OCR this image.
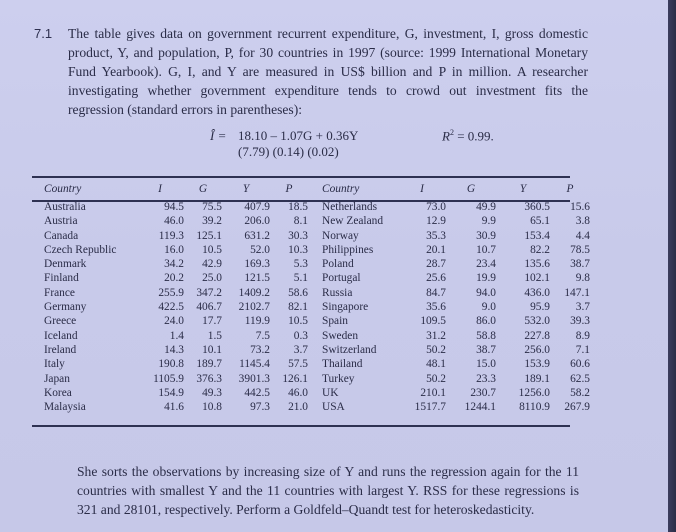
7.1 The table gives data on government recurrent expenditure, G, investment, I, gross domestic product, Y, and population, P, for 30 countries in 1997 (source: 1999 International Monetary Fund Yearbook). G, I, and Y are measured in US$ billion and P in million. A researcher investigating whether government expenditure tends to crowd out investment fits the regression (standard errors in parentheses):
Î = 18.10 – 1.07G + 0.36Y
(7.79) (0.14) (0.02)
$R^2 = 0.99$.
Country	I	G	Y	P
Australia	94.5	75.5	407.9	18.5
Austria	46.0	39.2	206.0	8.1
Canada	119.3	125.1	631.2	30.3
Czech Republic	16.0	10.5	52.0	10.3
Denmark	34.2	42.9	169.3	5.3
Finland	20.2	25.0	121.5	5.1
France	255.9	347.2	1409.2	58.6
Germany	422.5	406.7	2102.7	82.1
Greece	24.0	17.7	119.9	10.5
Iceland	1.4	1.5	7.5	0.3
Ireland	14.3	10.1	73.2	3.7
Italy	190.8	189.7	1145.4	57.5
Japan	1105.9	376.3	3901.3	126.1
Korea	154.9	49.3	442.5	46.0
Malaysia	41.6	10.8	97.3	21.0
Country	I	G	Y	P
Netherlands	73.0	49.9	360.5	15.6
New Zealand	12.9	9.9	65.1	3.8
Norway	35.3	30.9	153.4	4.4
Philippines	20.1	10.7	82.2	78.5
Poland	28.7	23.4	135.6	38.7
Portugal	25.6	19.9	102.1	9.8
Russia	84.7	94.0	436.0	147.1
Singapore	35.6	9.0	95.9	3.7
Spain	109.5	86.0	532.0	39.3
Sweden	31.2	58.8	227.8	8.9
Switzerland	50.2	38.7	256.0	7.1
Thailand	48.1	15.0	153.9	60.6
Turkey	50.2	23.3	189.1	62.5
UK	210.1	230.7	1256.0	58.2
USA	1517.7	1244.1	8110.9	267.9
She sorts the observations by increasing size of Y and runs the regression again for the 11 countries with smallest Y and the 11 countries with largest Y. RSS for these regressions is 321 and 28101, respectively. Perform a Goldfeld–Quandt test for heteroskedasticity.
